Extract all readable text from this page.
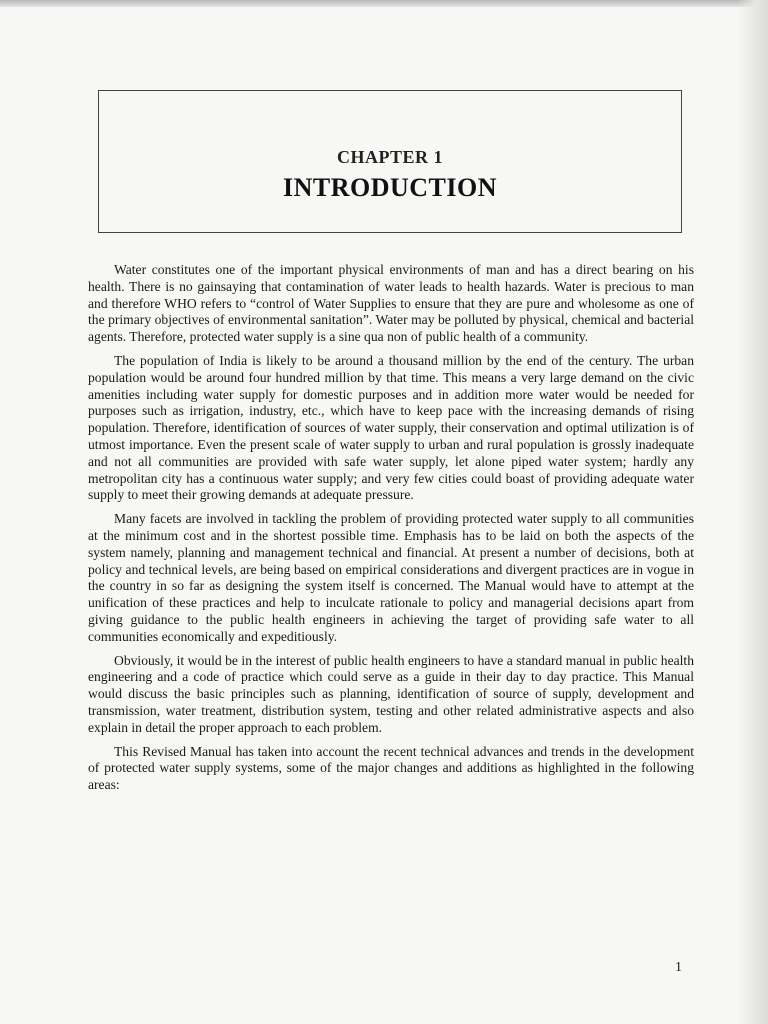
CHAPTER 1
INTRODUCTION

Water constitutes one of the important physical environments of man and has a direct bearing on his health. There is no gainsaying that contamination of water leads to health hazards. Water is precious to man and therefore WHO refers to “control of Water Supplies to ensure that they are pure and wholesome as one of the primary objectives of environmental sanitation”. Water may be polluted by physical, chemical and bacterial agents. Therefore, protected water supply is a sine qua non of public health of a community.

The population of India is likely to be around a thousand million by the end of the century. The urban population would be around four hundred million by that time. This means a very large demand on the civic amenities including water supply for domestic purposes and in addition more water would be needed for purposes such as irrigation, industry, etc., which have to keep pace with the increasing demands of rising population. Therefore, identification of sources of water supply, their conservation and optimal utilization is of utmost importance. Even the present scale of water supply to urban and rural population is grossly inadequate and not all communities are provided with safe water supply, let alone piped water system; hardly any metropolitan city has a continuous water supply; and very few cities could boast of providing adequate water supply to meet their growing demands at adequate pressure.

Many facets are involved in tackling the problem of providing protected water supply to all communities at the minimum cost and in the shortest possible time. Emphasis has to be laid on both the aspects of the system namely, planning and management technical and financial. At present a number of decisions, both at policy and technical levels, are being based on empirical considerations and divergent practices are in vogue in the country in so far as designing the system itself is concerned. The Manual would have to attempt at the unification of these practices and help to inculcate rationale to policy and managerial decisions apart from giving guidance to the public health engineers in achieving the target of providing safe water to all communities economically and expeditiously.

Obviously, it would be in the interest of public health engineers to have a standard manual in public health engineering and a code of practice which could serve as a guide in their day to day practice. This Manual would discuss the basic principles such as planning, identification of source of supply, development and transmission, water treatment, distribution system, testing and other related administrative aspects and also explain in detail the proper approach to each problem.

This Revised Manual has taken into account the recent technical advances and trends in the development of protected water supply systems, some of the major changes and additions as highlighted in the following areas:

1
